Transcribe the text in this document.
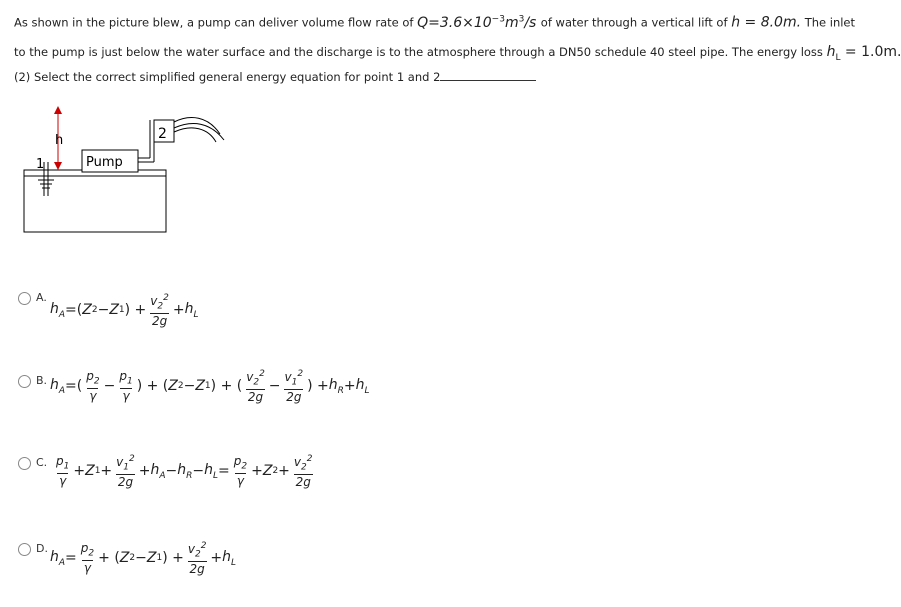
As shown in the picture blew, a pump can deliver volume flow rate of $Q=3.6\times 10^{-3}m^3/s$ of water through a vertical lift of h = 8.0m. The inlet
to the pump is just below the water surface and the discharge is to the atmosphere through a DN50 schedule 40 steel pipe. The energy loss $h_L = 1.0m$.
(2) Select the correct simplified general energy equation for point 1 and 2
Pump
2
h
1
A.
$h_A$ =( Z 2 − Z 1 ) + $\frac{v_2^2}{2g} + h_L$
B. $h_A$ =( $\frac{p_2}{\gamma} - \frac{p_1}{\gamma}$ ) + ( Z 2 − Z 1 ) + ( $\frac{v_2^2}{2g} - \frac{v_1^2}{2g}$ ) + $h_R + h_L$
C. $\frac{p_1}{\gamma} + Z$ $1 + \frac{v_1^2}{2g} + h_A - h_R - h_L = \frac{p_2}{\gamma} + Z$ $2 + \frac{v_2^2}{2g}$
D.
$h_A = \frac{p_2}{\gamma}$ + ( Z 2 − Z 1 ) + $\frac{v_2^2}{2g} + h_L$
